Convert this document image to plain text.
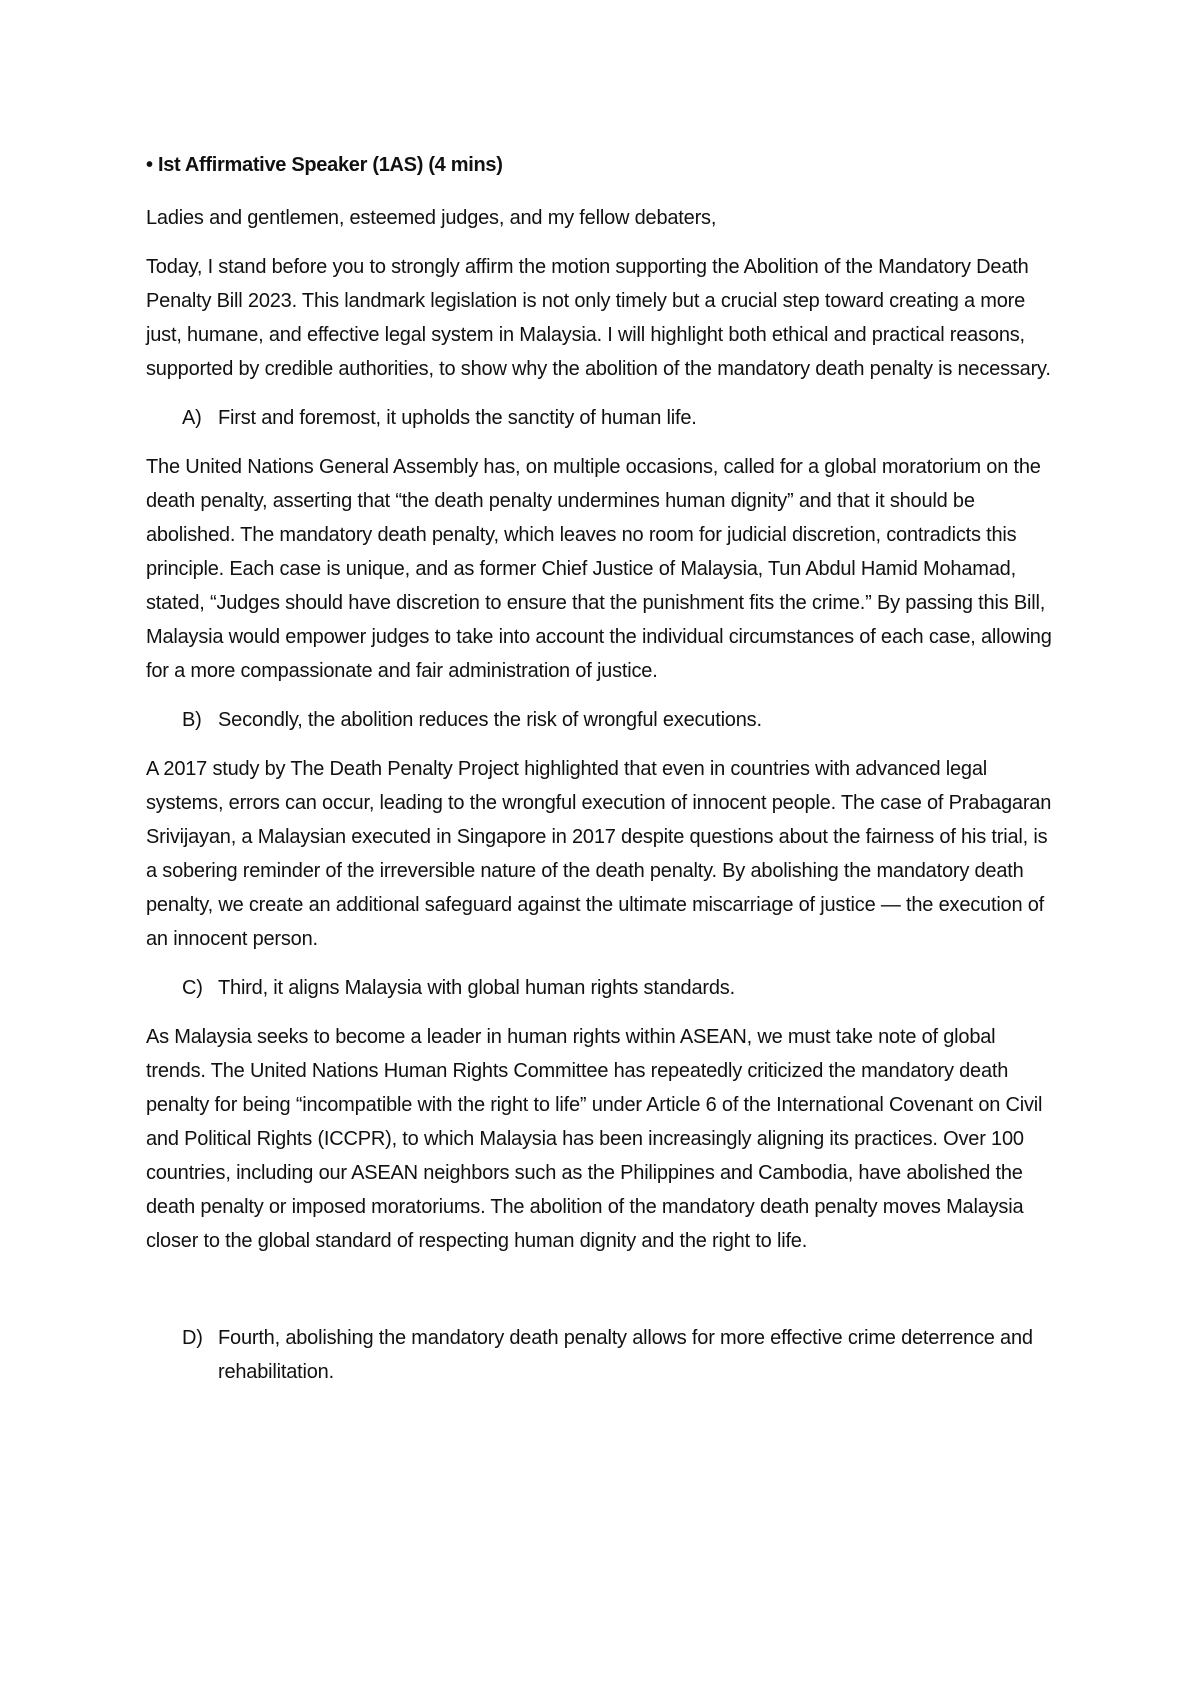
• Ist Affirmative Speaker (1AS) (4 mins)

Ladies and gentlemen, esteemed judges, and my fellow debaters,

Today, I stand before you to strongly affirm the motion supporting the Abolition of the Mandatory Death Penalty Bill 2023. This landmark legislation is not only timely but a crucial step toward creating a more just, humane, and effective legal system in Malaysia. I will highlight both ethical and practical reasons, supported by credible authorities, to show why the abolition of the mandatory death penalty is necessary.

A) First and foremost, it upholds the sanctity of human life.

The United Nations General Assembly has, on multiple occasions, called for a global moratorium on the death penalty, asserting that “the death penalty undermines human dignity” and that it should be abolished. The mandatory death penalty, which leaves no room for judicial discretion, contradicts this principle. Each case is unique, and as former Chief Justice of Malaysia, Tun Abdul Hamid Mohamad, stated, “Judges should have discretion to ensure that the punishment fits the crime.” By passing this Bill, Malaysia would empower judges to take into account the individual circumstances of each case, allowing for a more compassionate and fair administration of justice.

B) Secondly, the abolition reduces the risk of wrongful executions.

A 2017 study by The Death Penalty Project highlighted that even in countries with advanced legal systems, errors can occur, leading to the wrongful execution of innocent people. The case of Prabagaran Srivijayan, a Malaysian executed in Singapore in 2017 despite questions about the fairness of his trial, is a sobering reminder of the irreversible nature of the death penalty. By abolishing the mandatory death penalty, we create an additional safeguard against the ultimate miscarriage of justice — the execution of an innocent person.

C) Third, it aligns Malaysia with global human rights standards.

As Malaysia seeks to become a leader in human rights within ASEAN, we must take note of global trends. The United Nations Human Rights Committee has repeatedly criticized the mandatory death penalty for being “incompatible with the right to life” under Article 6 of the International Covenant on Civil and Political Rights (ICCPR), to which Malaysia has been increasingly aligning its practices. Over 100 countries, including our ASEAN neighbors such as the Philippines and Cambodia, have abolished the death penalty or imposed moratoriums. The abolition of the mandatory death penalty moves Malaysia closer to the global standard of respecting human dignity and the right to life.

D) Fourth, abolishing the mandatory death penalty allows for more effective crime deterrence and rehabilitation.
